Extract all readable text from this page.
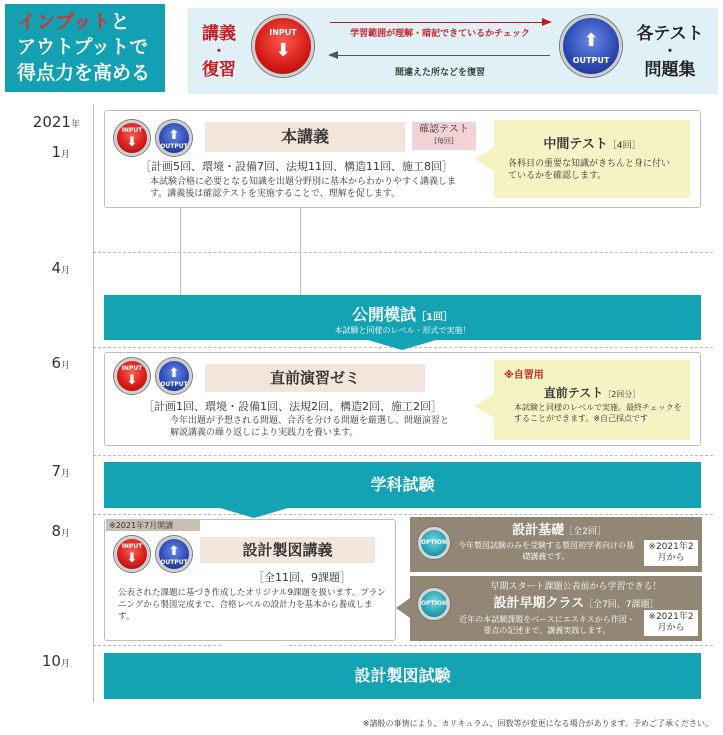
インプットと
アウトプットで
得点力を高める
講義
・
復習
INPUT
⬇
学習範囲が理解・暗記できているかチェック
間違えた所などを復習
⬆
OUTPUT
各テスト
・
問題集
2021年
1月
4月
6月
7月
8月
10月
INPUT
⬇	⬆
OUTPUT
本講義	確認テスト
[毎回]
［計画5回、環境・設備7回、法規11回、構造11回、施工8回］
本試験合格に必要となる知識を出題分野別に基本からわかりやすく講義します。講義後は確認テストを実施することで、理解を促します。
中間テスト［4回］
各科目の重要な知識がきちんと身に付いているかを確認します。
公開模試［1回］
本試験と同様のレベル・形式で実施！
INPUT
⬇	⬆
OUTPUT	直前演習ゼミ
［計画1回、環境・設備1回、法規2回、構造2回、施工2回］
今年出題が予想される問題、合否を分ける問題を厳選し、問題演習と解説講義の繰り返しにより実践力を養います。
※自習用
直前テスト［2回分］
本試験と同様のレベルで実施。最終チェックをすることができます。※自己採点です
学科試験
※2021年7月開講
INPUT
⬇	⬆
OUTPUT
設計製図講義
［全11回、9課題］
公表された課題に基づき作成したオリジナル9課題を扱います。プランニングから製図完成まで、合格レベルの設計力を基本から養成します。
OPTION
設計基礎［全2回］
今年製図試験のみを受験する製図初学者向けの基礎講義です。
※2021年2月から
OPTION
早期スタート課題公表前から学習できる！
設計早期クラス［全7回、7課題］
近年の本試験課題をベースにエスキスから作図・要点の記述まで、講義実践します。
※2021年2月から
設計製図試験
※諸般の事情により、カリキュラム、回数等が変更になる場合があります。予めご了承ください。
